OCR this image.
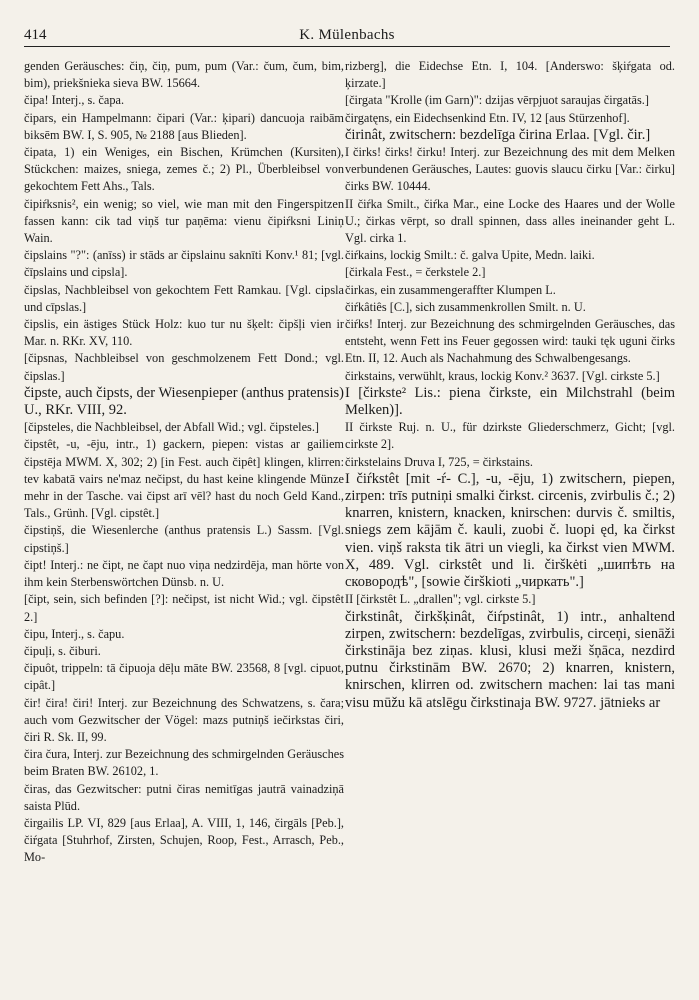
414	K. Mülenbachs

genden Geräusches: čiņ, čiņ, pum, pum (Var.: čum, čum, bim, bim), priekšnieka sieva BW. 15664.

čipa! Interj., s. čapa.

čipars, ein Hampelmann: čipari (Var.: ķipari) dancuoja raibām biksēm BW. I, S. 905, № 2188 [aus Blieden].

čipata, 1) ein Weniges, ein Bischen, Krümchen (Kursiten), Stückchen: maizes, sniega, zemes č.; 2) Pl., Überbleibsel von gekochtem Fett Ahs., Tals.

čipiŕksnis², ein wenig; so viel, wie man mit den Fingerspitzen fassen kann: cik tad viņš tur paņēma: vienu čipiŕksni Liniņ Wain.

čipslains "?": (anīss) ir stāds ar čipslainu saknīti Konv.¹ 81; [vgl. čīpslains und cipsla].

čipslas, Nachbleibsel von gekochtem Fett Ramkau. [Vgl. cipsla und cīpslas.]

čipslis, ein ästiges Stück Holz: kuo tur nu šķelt: čipšļi vien ir Mar. n. RKr. XV, 110.

[čipsnas, Nachbleibsel von geschmolzenem Fett Dond.; vgl. čipslas.]

čipste, auch čipsts, der Wiesenpieper (anthus pratensis) U., RKr. VIII, 92.

[čipsteles, die Nachbleibsel, der Abfall Wid.; vgl. čipsteles.]

čipstêt, -u, -ēju, intr., 1) gackern, piepen: vistas ar gailiem čipstēja MWM. X, 302; 2) [in Fest. auch čipêt] klingen, klirren: tev kabatā vairs ne'maz nečipst, du hast keine klingende Münze mehr in der Tasche. vai čipst arī vēl? hast du noch Geld Kand., Tals., Grünh. [Vgl. cipstêt.]

čipstiņš, die Wiesenlerche (anthus pratensis L.) Sassm. [Vgl. cipstiņš.]

čipt! Interj.: ne čipt, ne čapt nuo viņa nedzirdēja, man hörte von ihm kein Sterbenswörtchen Dünsb. n. U.

[čipt, sein, sich befinden [?]: nečipst, ist nicht Wid.; vgl. čipstêt 2.]

čipu, Interj., s. čapu.

čipuļi, s. čiburi.

čipuôt, trippeln: tā čipuoja dēļu māte BW. 23568, 8 [vgl. cipuot, cipât.]

čir! čira! čiri! Interj. zur Bezeichnung des Schwatzens, s. čara; auch vom Gezwitscher der Vögel: mazs putniņš iečirkstas čiri, čiri R. Sk. II, 99.

čira čura, Interj. zur Bezeichnung des schmirgelnden Geräusches beim Braten BW. 26102, 1.

čiras, das Gezwitscher: putni čiras nemitīgas jautrā vainadziņā saista Plūd.

čirgailis LP. VI, 829 [aus Erlaa], A. VIII, 1, 146, čirgāls [Peb.], čiŕgata [Stuhrhof, Zirsten, Schujen, Roop, Fest., Arrasch, Peb., Mo-

rizberg], die Eidechse Etn. I, 104. [Anderswo: šķiŕgata od. ķirzate.]

[čirgata "Krolle (im Garn)": dzijas vērpjuot saraujas čirgatās.]

čirgatęns, ein Eidechsenkind Etn. IV, 12 [aus Stürzenhof].

čirinât, zwitschern: bezdelīga čirina Erlaa. [Vgl. čir.]

I čirks! čirks! čirku! Interj. zur Bezeichnung des mit dem Melken verbundenen Geräusches, Lautes: guovis slaucu čirku [Var.: čirku] čirks BW. 10444.

II čiŕka Smilt., čiŕka Mar., eine Locke des Haares und der Wolle U.; čirkas vērpt, so drall spinnen, dass alles ineinander geht L. Vgl. cirka 1.

čiŕkains, lockig Smilt.: č. galva Upite, Medn. laiki.

[čirkala Fest., = čerkstele 2.]

čirkas, ein zusammengeraffter Klumpen L.

čiŕkâtiês [C.], sich zusammenkrollen Smilt. n. U.

čiŕks! Interj. zur Bezeichnung des schmirgelnden Geräusches, das entsteht, wenn Fett ins Feuer gegossen wird: tauki tęk uguni čirks Etn. II, 12. Auch als Nachahmung des Schwalbengesangs.

čirkstains, verwühlt, kraus, lockig Konv.² 3637. [Vgl. cirkste 5.]

I [čirkste² Lis.: piena čirkste, ein Milchstrahl (beim Melken)].

II čirkste Ruj. n. U., für dzirkste Gliederschmerz, Gicht; [vgl. cirkste 2].

čirkstelains Druva I, 725, = čirkstains.

I čiŕkstêt [mit -ŕ- C.], -u, -ēju, 1) zwitschern, piepen, zirpen: trīs putniņi smalki čirkst. circenis, zvirbulis č.; 2) knarren, knistern, knacken, knirschen: durvis č. smiltis, sniegs zem kājām č. kauli, zuobi č. luopi ęd, ka čirkst vien. viņš raksta tik ātri un viegli, ka čirkst vien MWM. X, 489. Vgl. cirkstêt und li. čirškėti „шипѣть на сковородѣ", [sowie čirškioti „чиркать".]

II [čirkstêt L. „drallen"; vgl. cirkste 5.]

čirkstinât, čirkšķinât, čiŕpstinât, 1) intr., anhaltend zirpen, zwitschern: bezdelīgas, zvirbulis, circeņi, sienāži čirkstināja bez ziņas. klusi, klusi meži šņāca, nezdird putnu čirkstinām BW. 2670; 2) knarren, knistern, knirschen, klirren od. zwitschern machen: lai tas mani visu mūžu kā atslēgu čirkstinaja BW. 9727. jātnieks ar
